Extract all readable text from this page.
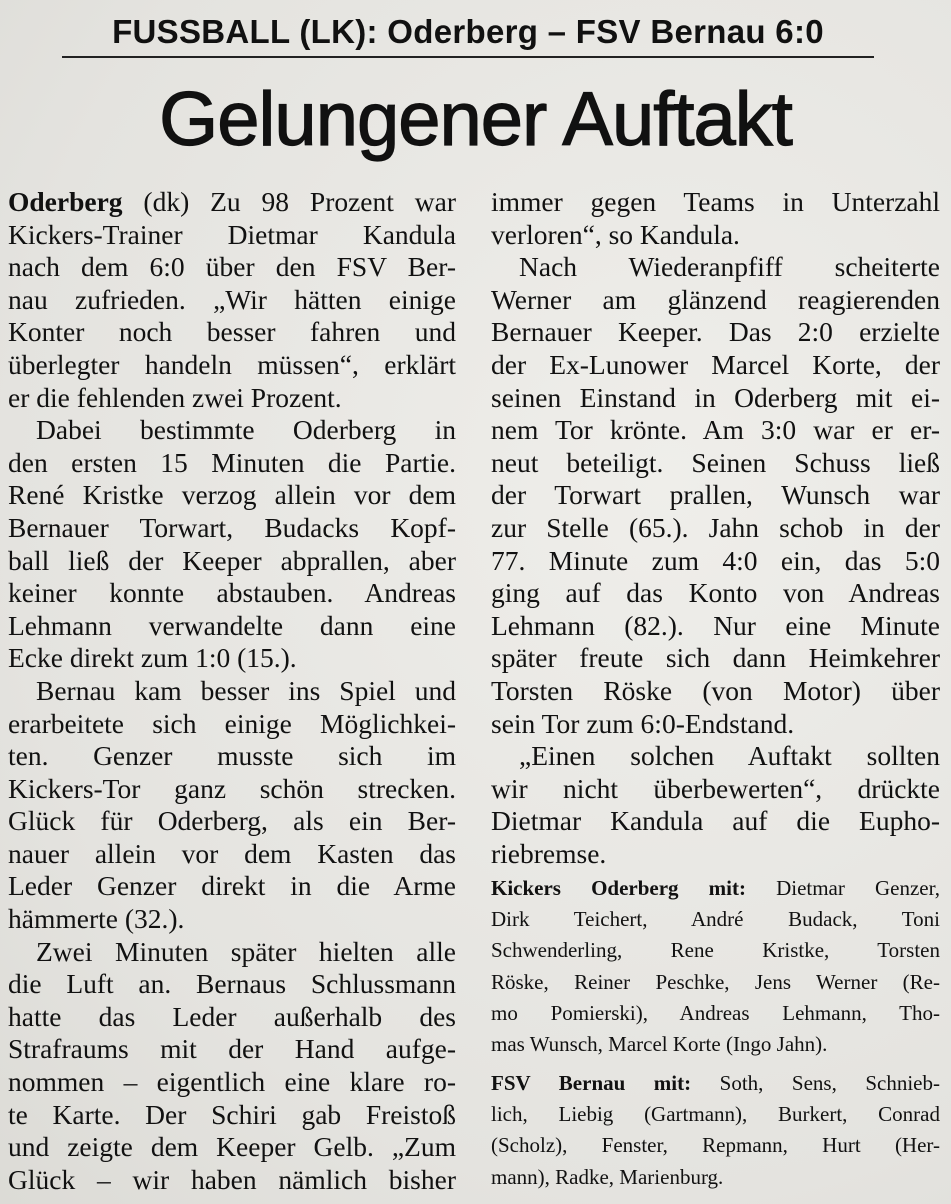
FUSSBALL (LK): Oderberg – FSV Bernau 6:0
Gelungener Auftakt
Oderberg (dk) Zu 98 Prozent war
Kickers-Trainer Dietmar Kandula
nach dem 6:0 über den FSV Ber-
nau zufrieden. „Wir hätten einige
Konter noch besser fahren und
überlegter handeln müssen“, erklärt
er die fehlenden zwei Prozent.
Dabei bestimmte Oderberg in
den ersten 15 Minuten die Partie.
René Kristke verzog allein vor dem
Bernauer Torwart, Budacks Kopf-
ball ließ der Keeper abprallen, aber
keiner konnte abstauben. Andreas
Lehmann verwandelte dann eine
Ecke direkt zum 1:0 (15.).
Bernau kam besser ins Spiel und
erarbeitete sich einige Möglichkei-
ten. Genzer musste sich im
Kickers-Tor ganz schön strecken.
Glück für Oderberg, als ein Ber-
nauer allein vor dem Kasten das
Leder Genzer direkt in die Arme
hämmerte (32.).
Zwei Minuten später hielten alle
die Luft an. Bernaus Schlussmann
hatte das Leder außerhalb des
Strafraums mit der Hand aufge-
nommen – eigentlich eine klare ro-
te Karte. Der Schiri gab Freistoß
und zeigte dem Keeper Gelb. „Zum
Glück – wir haben nämlich bisher
immer gegen Teams in Unterzahl
verloren“, so Kandula.
Nach Wiederanpfiff scheiterte
Werner am glänzend reagierenden
Bernauer Keeper. Das 2:0 erzielte
der Ex-Lunower Marcel Korte, der
seinen Einstand in Oderberg mit ei-
nem Tor krönte. Am 3:0 war er er-
neut beteiligt. Seinen Schuss ließ
der Torwart prallen, Wunsch war
zur Stelle (65.). Jahn schob in der
77. Minute zum 4:0 ein, das 5:0
ging auf das Konto von Andreas
Lehmann (82.). Nur eine Minute
später freute sich dann Heimkehrer
Torsten Röske (von Motor) über
sein Tor zum 6:0-Endstand.
„Einen solchen Auftakt sollten
wir nicht überbewerten“, drückte
Dietmar Kandula auf die Eupho-
riebremse.
Kickers Oderberg mit: Dietmar Genzer,
Dirk Teichert, André Budack, Toni
Schwenderling, Rene Kristke, Torsten
Röske, Reiner Peschke, Jens Werner (Re-
mo Pomierski), Andreas Lehmann, Tho-
mas Wunsch, Marcel Korte (Ingo Jahn).
FSV Bernau mit: Soth, Sens, Schnieb-
lich, Liebig (Gartmann), Burkert, Conrad
(Scholz), Fenster, Repmann, Hurt (Her-
mann), Radke, Marienburg.
